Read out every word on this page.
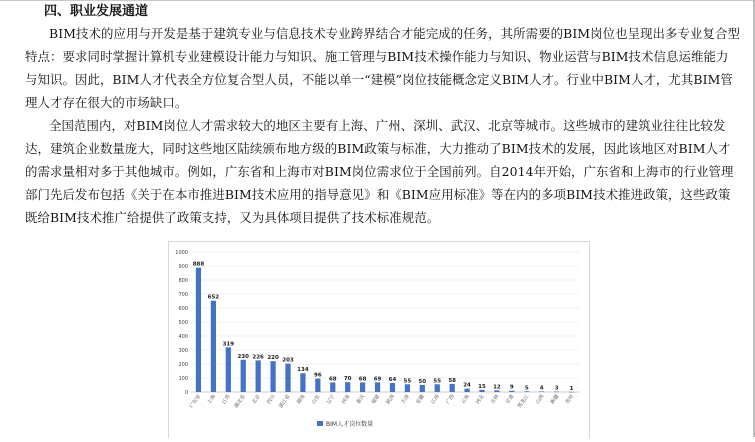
四、职业发展通道

BIM技术的应用与开发是基于建筑专业与信息技术专业跨界结合才能完成的任务，其所需要的BIM岗位也呈现出多专业复合型特点：要求同时掌握计算机专业建模设计能力与知识、施工管理与BIM技术操作能力与知识、物业运营与BIM技术信息运维能力与知识。因此，BIM人才代表全方位复合型人员，不能以单一“建模”岗位技能概念定义BIM人才。行业中BIM人才，尤其BIM管理人才存在很大的市场缺口。

全国范围内，对BIM岗位人才需求较大的地区主要有上海、广州、深圳、武汉、北京等城市。这些城市的建筑业往往比较发达，建筑企业数量庞大，同时这些地区陆续颁布地方级的BIM政策与标准，大力推动了BIM技术的发展，因此该地区对BIM人才的需求量相对多于其他城市。例如，广东省和上海市对BIM岗位需求位于全国前列。自2014年开始，广东省和上海市的行业管理部门先后发布包括《关于在本市推进BIM技术应用的指导意见》和《BIM应用标准》等在内的多项BIM技术推进政策，这些政策既给BIM技术推广给提供了政策支持，又为具体项目提供了技术标准规范。

0
100
200
300
400
500
600
700
800
900
1000
888
广东省
652
上海
319
江苏
230
湖北省
226
北京
220
四川
203
浙江省
134
湖南
96
山东
68
辽宁
70
河南
68
重庆
69
福建
64
陕西
55
天津
50
安徽
55
江西
58
广西
24
云南
15
河北
12
吉林
9
甘肃
5
黑龙江
4
山西
3
新疆
1
贵州
BIM人才岗位数量
